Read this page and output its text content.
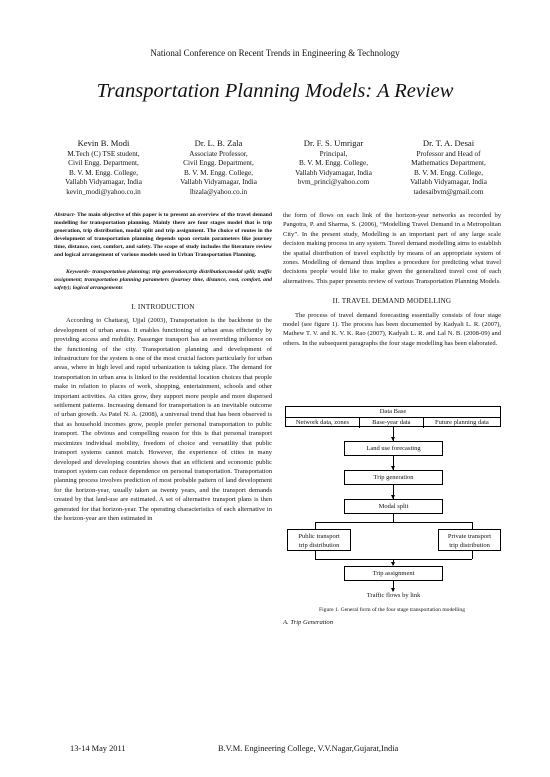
National Conference on Recent Trends in Engineering & Technology
Transportation Planning Models: A Review
Kevin B. Modi
M.Tech (C) TSE student,
Civil Engg. Department,
B. V. M. Engg. College,
Vallabh Vidyamagar, India
kevin_modi@yahoo.co.in
Dr. L. B. Zala
Associate Professor,
Civil Engg. Department,
B. V. M. Engg. College,
Vallabh Vidyamagar, India
lbzala@yahoo.co.in
Dr. F. S. Umrigar
Principal,
B. V. M. Engg. College,
Vallabh Vidyamagar, India
bvm_princi@yahoo.com
Dr. T. A. Desai
Professor and Head of
Mathematics Department,
B. V. M. Engg. College,
Vallabh Vidyamagar, India
tadesaibvm@gmail.com

Abstract- The main objective of this paper is to present an overview of the travel demand modelling for transportation planning. Mainly there are four stages model that is trip generation, trip distribution, modal split and trip assignment. The choice of routes in the development of transportation planning depends upon certain parameters like journey time, distance, cost, comfort, and safety. The scope of study includes the literature review and logical arrangement of various models used in Urban Transportation Planning.

Keywords- transportation planning; trip generation;trip distribution;modal split; traffic assignment; transportation planning parameters (journey time, distance, cost, comfort, and safety); logical arrangements

I. INTRODUCTION

According to Chattaraj, Ujjal (2003), Transportation is the backbone to the development of urban areas. It enables functioning of urban areas efficiently by providing access and mobility. Passenger transport has an overriding influence on the functioning of the city. Transportation planning and development of infrastructure for the system is one of the most crucial factors particularly for urban areas, where in high level and rapid urbanization is taking place. The demand for transportation in urban area is linked to the residential location choices that people make in relation to places of work, shopping, entertainment, schools and other important activities. As cities grow, they support more people and more dispersed settlement patterns. Increasing demand for transportation is an inevitable outcome of urban growth. As Patel N. A. (2008), a universal trend that has been observed is that as household incomes grow, people prefer personal transportation to public transport. The obvious and compelling reason for this is that personal transport maximizes individual mobility, freedom of choice and versatility that public transport systems cannot match. However, the experience of cities in many developed and developing countries shows that an efficient and economic public transport system can reduce dependence on personal transportation. Transportation planning process involves prediction of most probable pattern of land development for the horizon-year, usually taken as twenty years, and the transport demands created by that land-use are estimated. A set of alternative transport plans is then generated for that horizon-year. The operating characteristics of each alternative in the horizon-year are then estimated in

the form of flows on each link of the horizon-year networks as recorded by Pangotra, P. and Sharma, S. (2006), “Modelling Travel Demand in a Metropolitan City”. In the present study, Modelling is an important part of any large scale decision making process in any system. Travel demand modelling aims to establish the spatial distribution of travel explicitly by means of an appropriate system of zones. Modelling of demand thus implies a procedure for predicting what travel decisions people would like to make given the generalized travel cost of each alternatives. This paper presents review of various Transportation Planning Models.

II. TRAVEL DEMAND MODELLING

The process of travel demand forecasting essentially consists of four stage model (see figure 1). The process has been documented by Kadyali L. R. (2007), Mathew T. V. and K. V. K. Rao (2007), Kadyali L. R. and Lal N. B. (2008-09) and others. In the subsequent paragraphs the four stage modelling has been elaborated.

Data Base
Network data, zones	Base-year data	Future planning data
Land use forecasting
Trip generation
Modal split
Public transport
trip distribution
Private transport
trip distribution
Trip assignment
Traffic flows by link
Figure 1. General form of the four stage transportation modelling
A. Trip Generation
13-14 May 2011	B.V.M. Engineering College, V.V.Nagar,Gujarat,India
